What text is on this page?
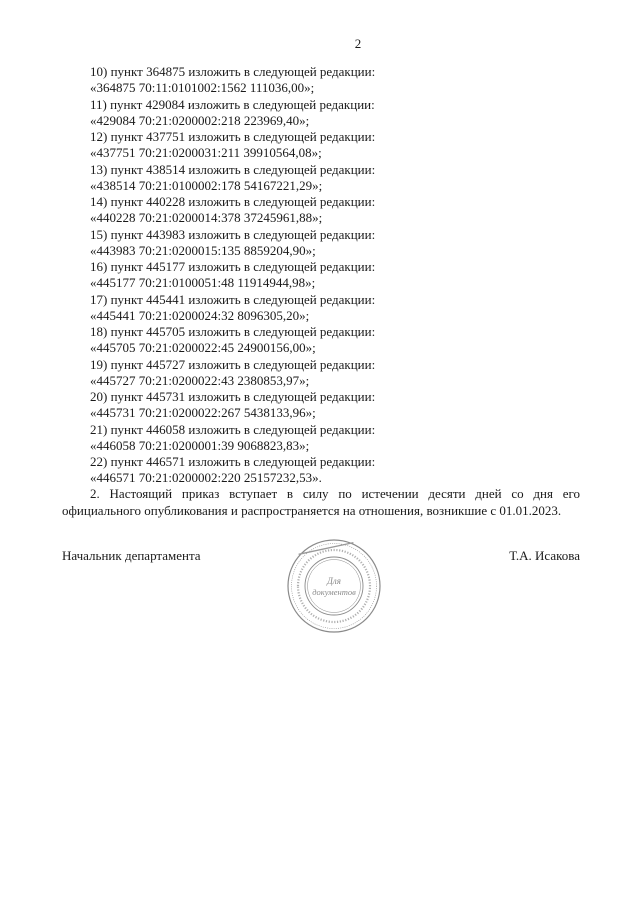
2
10) пункт 364875 изложить в следующей редакции:
«364875 70:11:0101002:1562 111036,00»;
11) пункт 429084 изложить в следующей редакции:
«429084 70:21:0200002:218 223969,40»;
12) пункт 437751 изложить в следующей редакции:
«437751 70:21:0200031:211 39910564,08»;
13) пункт 438514 изложить в следующей редакции:
«438514 70:21:0100002:178 54167221,29»;
14) пункт 440228 изложить в следующей редакции:
«440228 70:21:0200014:378 37245961,88»;
15) пункт 443983 изложить в следующей редакции:
«443983 70:21:0200015:135 8859204,90»;
16) пункт 445177 изложить в следующей редакции:
«445177 70:21:0100051:48 11914944,98»;
17) пункт 445441 изложить в следующей редакции:
«445441 70:21:0200024:32 8096305,20»;
18) пункт 445705 изложить в следующей редакции:
«445705 70:21:0200022:45 24900156,00»;
19) пункт 445727 изложить в следующей редакции:
«445727 70:21:0200022:43 2380853,97»;
20) пункт 445731 изложить в следующей редакции:
«445731 70:21:0200022:267 5438133,96»;
21) пункт 446058 изложить в следующей редакции:
«446058 70:21:0200001:39 9068823,83»;
22) пункт 446571 изложить в следующей редакции:
«446571 70:21:0200002:220 25157232,53».

2. Настоящий приказ вступает в силу по истечении десяти дней со дня его официального опубликования и распространяется на отношения, возникшие с 01.01.2023.

Начальник департамента	Т.А. Исакова
Для
документов
